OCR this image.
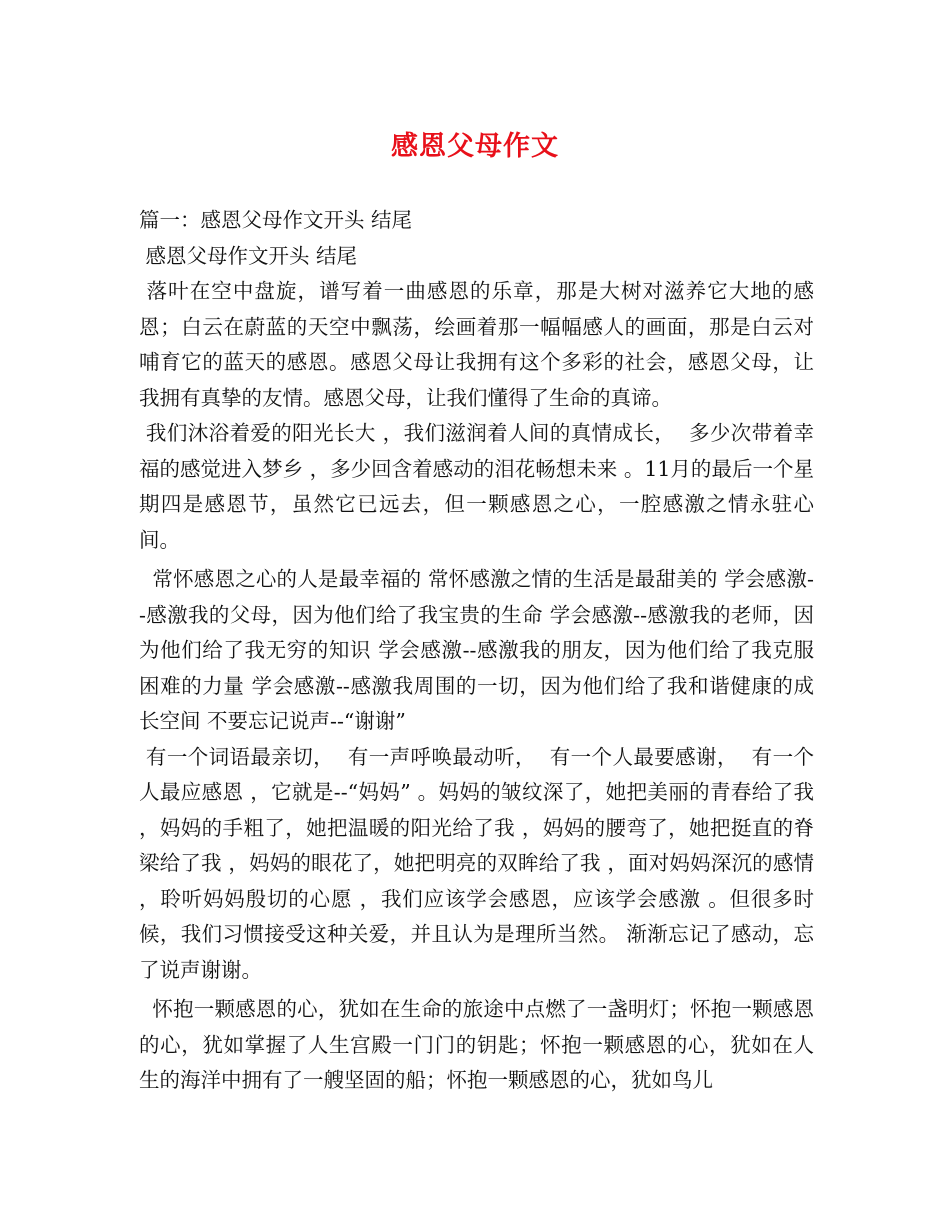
感恩父母作文

篇一：感恩父母作文开头 结尾

感恩父母作文开头 结尾

落叶在空中盘旋，谱写着一曲感恩的乐章，那是大树对滋养它大地的感恩；白云在蔚蓝的天空中飘荡，绘画着那一幅幅感人的画面，那是白云对哺育它的蓝天的感恩。感恩父母让我拥有这个多彩的社会，感恩父母，让我拥有真挚的友情。感恩父母，让我们懂得了生命的真谛。

我们沐浴着爱的阳光长大 ，我们滋润着人间的真情成长，  多少次带着幸福的感觉进入梦乡 ，多少回含着感动的泪花畅想未来 。11月的最后一个星期四是感恩节，虽然它已远去，但一颗感恩之心，一腔感激之情永驻心间。

常怀感恩之心的人是最幸福的 常怀感激之情的生活是最甜美的 学会感激--感激我的父母，因为他们给了我宝贵的生命 学会感激--感激我的老师，因为他们给了我无穷的知识 学会感激--感激我的朋友，因为他们给了我克服困难的力量 学会感激--感激我周围的一切，因为他们给了我和谐健康的成长空间 不要忘记说声--“谢谢”

有一个词语最亲切，  有一声呼唤最动听，  有一个人最要感谢，  有一个人最应感恩 ，它就是--“妈妈” 。妈妈的皱纹深了，她把美丽的青春给了我 ，妈妈的手粗了，她把温暖的阳光给了我 ，妈妈的腰弯了，她把挺直的脊梁给了我 ，妈妈的眼花了，她把明亮的双眸给了我 ，面对妈妈深沉的感情 ，聆听妈妈殷切的心愿 ，我们应该学会感恩，应该学会感激 。但很多时候，我们习惯接受这种关爱，并且认为是理所当然。 渐渐忘记了感动，忘了说声谢谢。

怀抱一颗感恩的心，犹如在生命的旅途中点燃了一盏明灯；怀抱一颗感恩的心，犹如掌握了人生宫殿一门门的钥匙；怀抱一颗感恩的心，犹如在人生的海洋中拥有了一艘坚固的船；怀抱一颗感恩的心，犹如鸟儿
